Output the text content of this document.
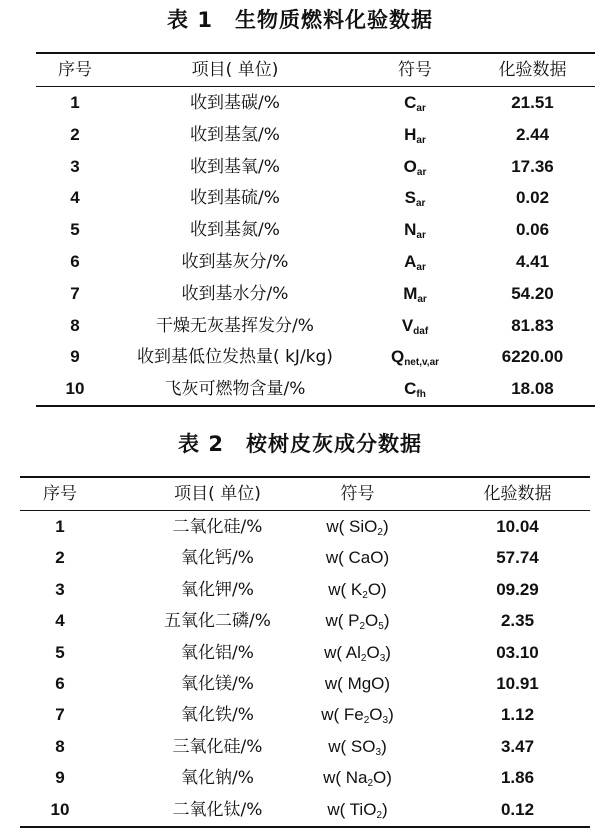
表 1　生物质燃料化验数据
序号	项目( 单位)	符号	化验数据
1	收到基碳/%	$C_{ar}$	21.51
2	收到基氢/%	$H_{ar}$	2.44
3	收到基氧/%	$O_{ar}$	17.36
4	收到基硫/%	$S_{ar}$	0.02
5	收到基氮/%	$N_{ar}$	0.06
6	收到基灰分/%	$A_{ar}$	4.41
7	收到基水分/%	$M_{ar}$	54.20
8	干燥无灰基挥发分/%	$V_{daf}$	81.83
9	收到基低位发热量( kJ/kg)	$Q_{net,v,ar}$	6220.00
10	飞灰可燃物含量/%	$C_{fh}$	18.08
表 2　桉树皮灰成分数据
序号	项目( 单位)	符号	化验数据
1	二氧化硅/%	w( SiO$_2$)	10.04
2	氧化钙/%	w( CaO)	57.74
3	氧化钾/%	w( $K_2O$)	09.29
4	五氧化二磷/%	w( $P_2O_5$)	2.35
5	氧化铝/%	w( $Al_2O_3$)	03.10
6	氧化镁/%	w( MgO)	10.91
7	氧化铁/%	w( $Fe_2O_3$)	1.12
8	三氧化硅/%	w( $SO_3$)	3.47
9	氧化钠/%	w( $Na_2O$)	1.86
10	二氧化钛/%	w( TiO$_2$)	0.12
